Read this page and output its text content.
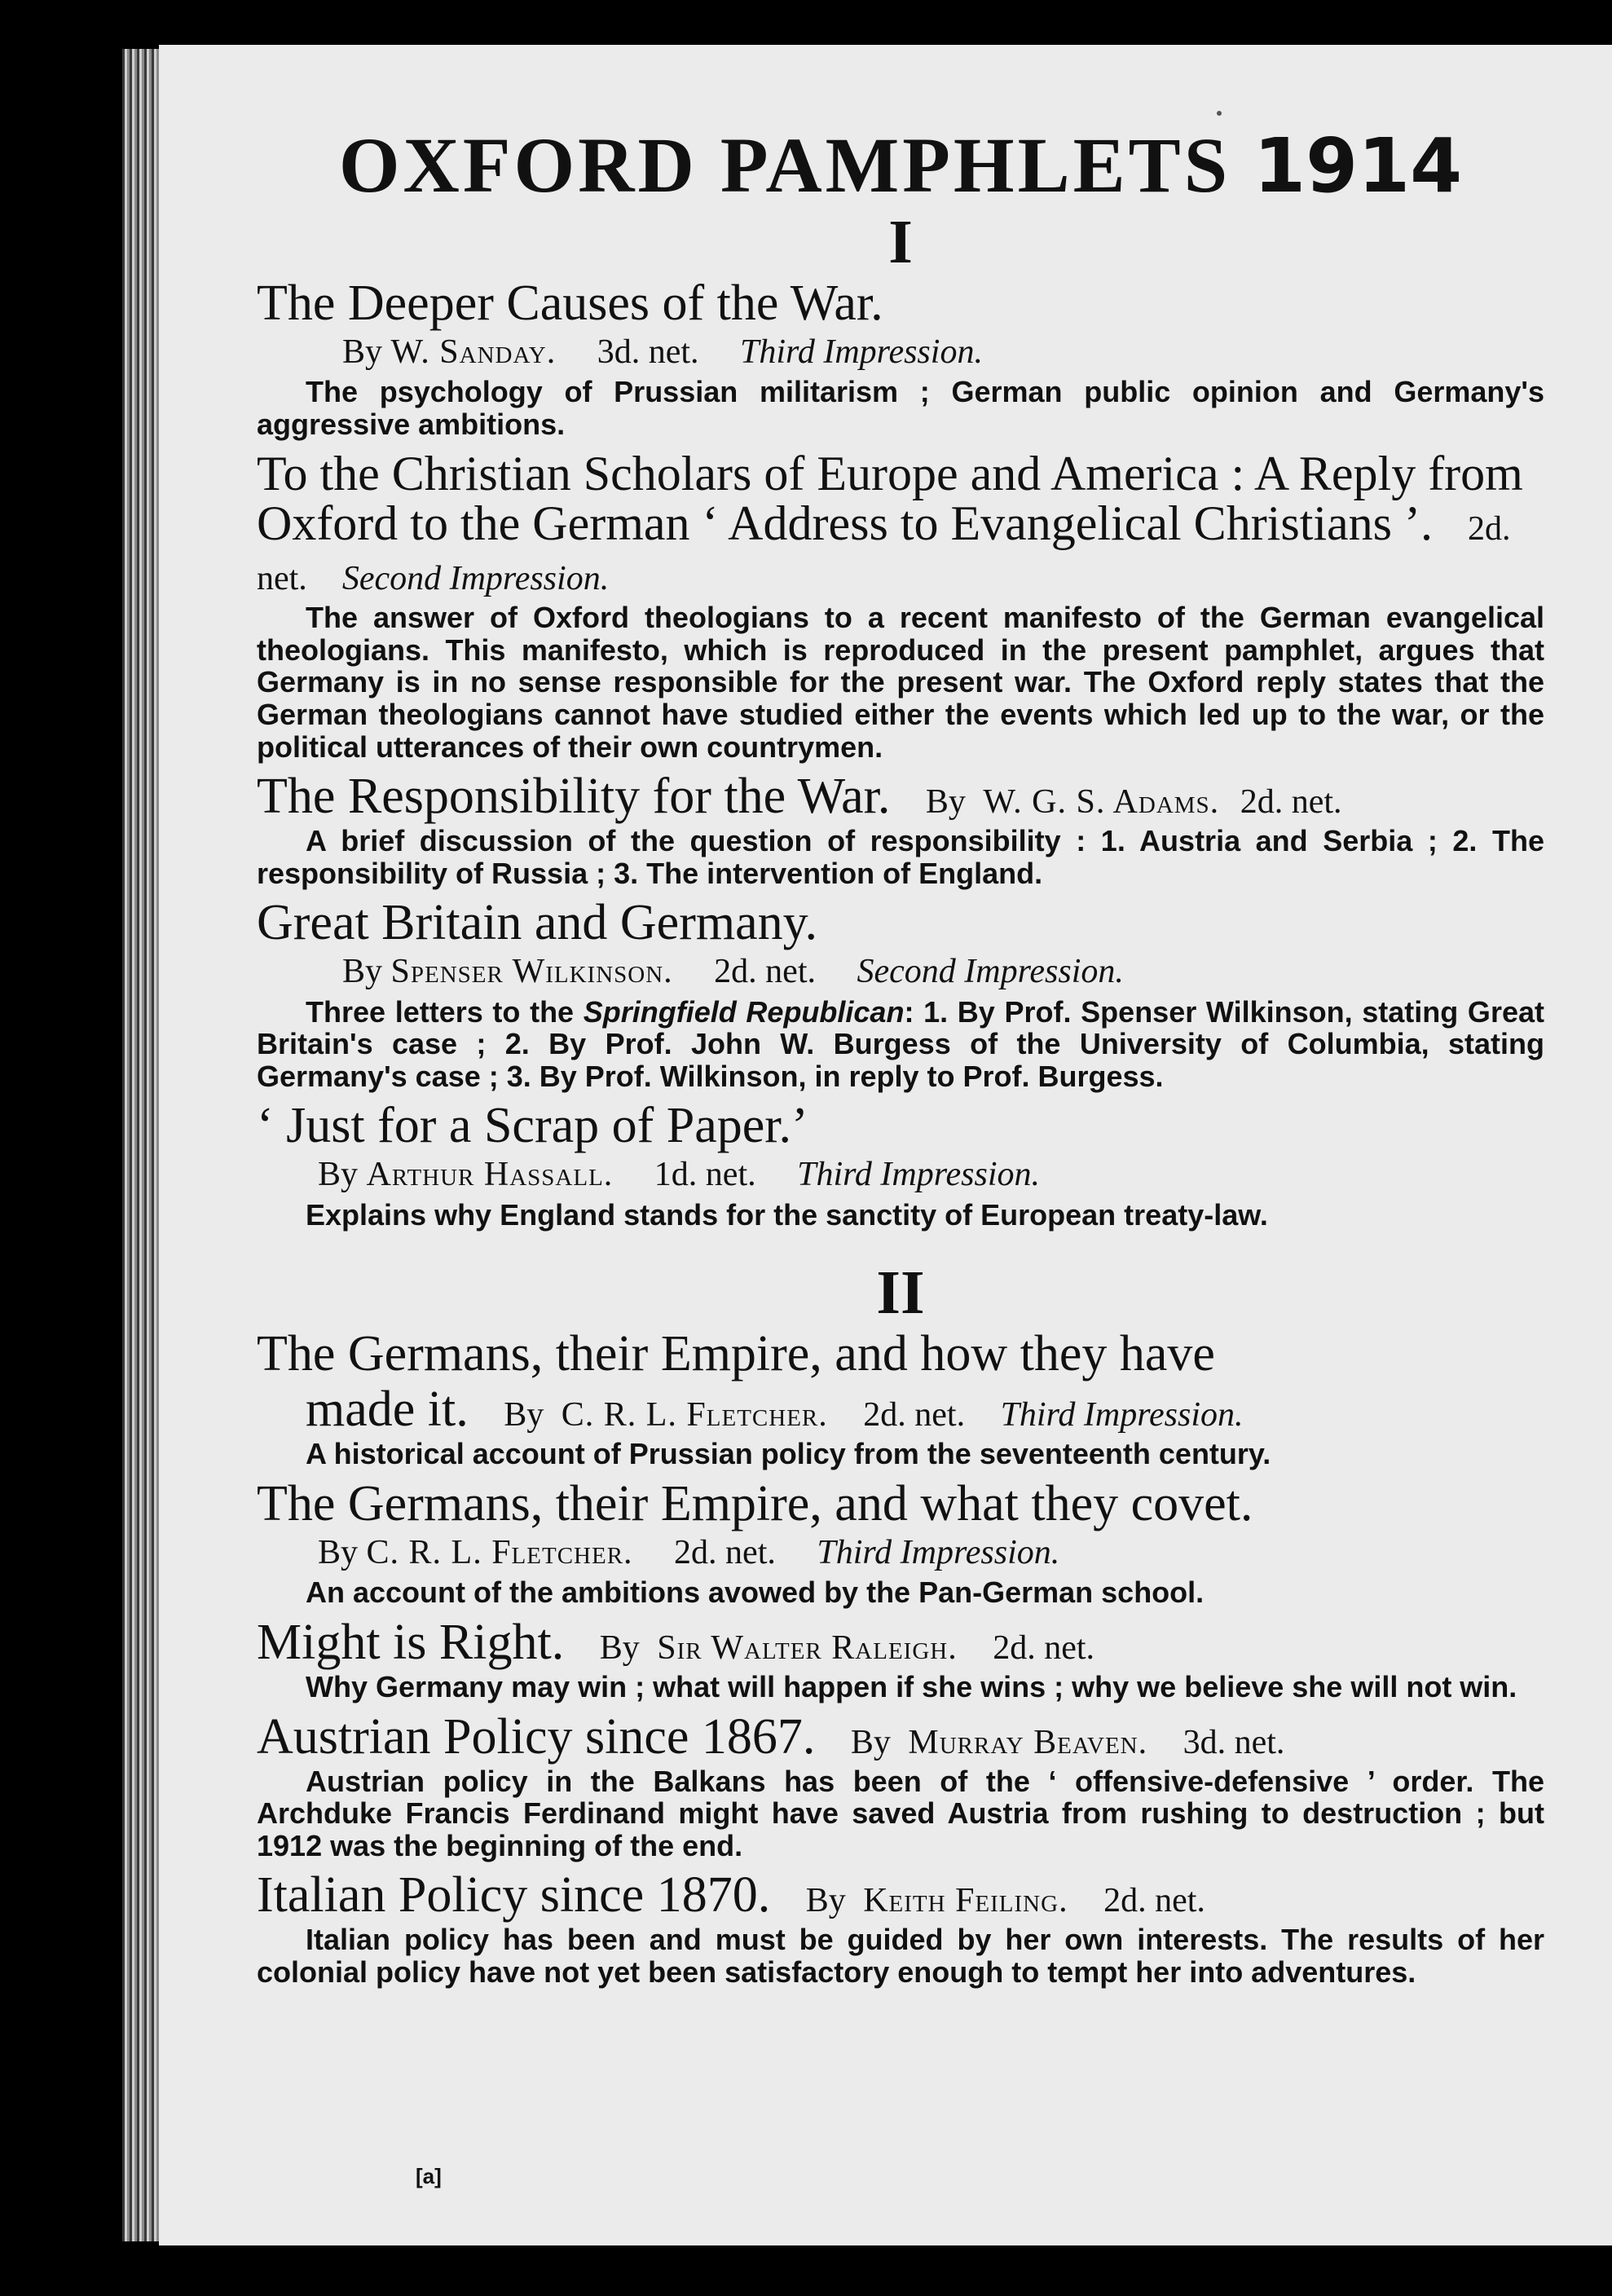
OXFORD PAMPHLETS 1914
I
The Deeper Causes of the War.
By W. Sanday. 3d. net. Third Impression.
The psychology of Prussian militarism ; German public opinion and Germany's aggressive ambitions.
To the Christian Scholars of Europe and America : A Reply from Oxford to the German ‘ Address to Evangelical Christians ’. 2d. net. Second Impression.
The answer of Oxford theologians to a recent manifesto of the German evangelical theologians. This manifesto, which is reproduced in the present pamphlet, argues that Germany is in no sense responsible for the present war. The Oxford reply states that the German theologians cannot have studied either the events which led up to the war, or the political utterances of their own countrymen.
The Responsibility for the War. By W. G. S. Adams. 2d. net.
A brief discussion of the question of responsibility : 1. Austria and Serbia ; 2. The responsibility of Russia ; 3. The intervention of England.
Great Britain and Germany.
By Spenser Wilkinson. 2d. net. Second Impression.
Three letters to the Springfield Republican: 1. By Prof. Spenser Wilkinson, stating Great Britain's case ; 2. By Prof. John W. Burgess of the University of Columbia, stating Germany's case ; 3. By Prof. Wilkinson, in reply to Prof. Burgess.
‘ Just for a Scrap of Paper.’
By Arthur Hassall. 1d. net. Third Impression.
Explains why England stands for the sanctity of European treaty-law.
II
The Germans, their Empire, and how they have
made it. By C. R. L. Fletcher. 2d. net. Third Impression.
A historical account of Prussian policy from the seventeenth century.
The Germans, their Empire, and what they covet.
By C. R. L. Fletcher. 2d. net. Third Impression.
An account of the ambitions avowed by the Pan-German school.
Might is Right. By Sir Walter Raleigh. 2d. net.
Why Germany may win ; what will happen if she wins ; why we believe she will not win.
Austrian Policy since 1867. By Murray Beaven. 3d. net.
Austrian policy in the Balkans has been of the ‘ offensive-defensive ’ order. The Archduke Francis Ferdinand might have saved Austria from rushing to destruction ; but 1912 was the beginning of the end.
Italian Policy since 1870. By Keith Feiling. 2d. net.
Italian policy has been and must be guided by her own interests. The results of her colonial policy have not yet been satisfactory enough to tempt her into adventures.
[a]
